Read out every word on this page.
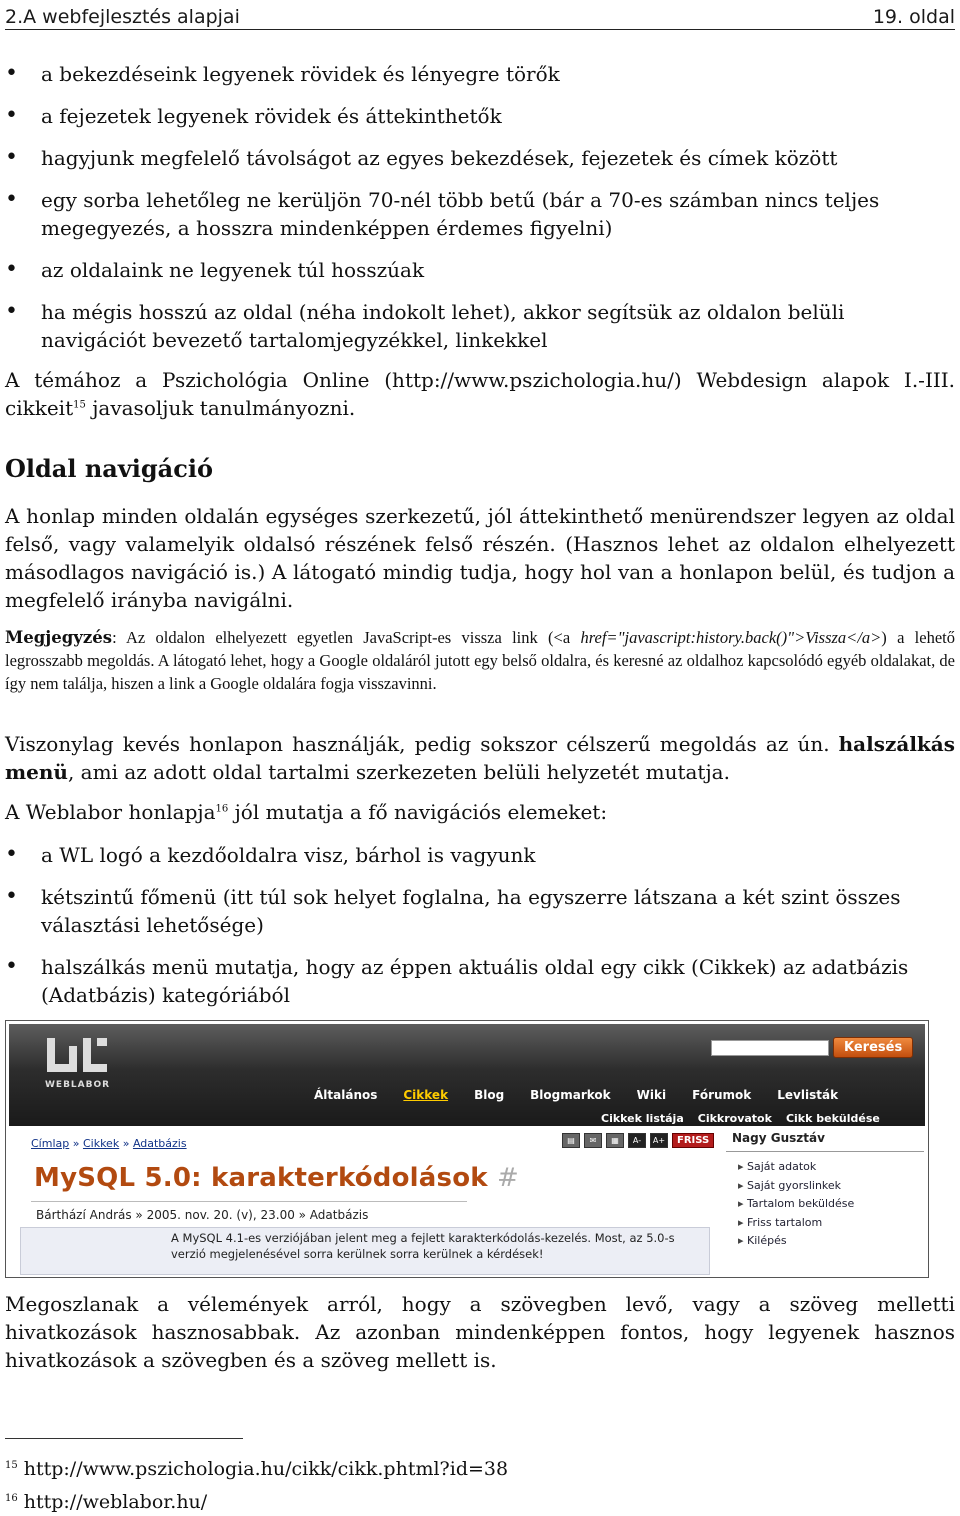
2.A webfejlesztés alapjai	19. oldal
• a bekezdéseink legyenek rövidek és lényegre törők
• a fejezetek legyenek rövidek és áttekinthetők
• hagyjunk megfelelő távolságot az egyes bekezdések, fejezetek és címek között
• egy sorba lehetőleg ne kerüljön 70-nél több betű (bár a 70-es számban nincs teljes megegyezés, a hosszra mindenképpen érdemes figyelni)
• az oldalaink ne legyenek túl hosszúak
• ha mégis hosszú az oldal (néha indokolt lehet), akkor segítsük az oldalon belüli navigációt bevezető tartalomjegyzékkel, linkekkel

A témához a Pszichológia Online (http://www.pszichologia.hu/) Webdesign alapok I.-III. cikkeit$^{15}$ javasoljuk tanulmányozni.

Oldal navigáció

A honlap minden oldalán egységes szerkezetű, jól áttekinthető menürendszer legyen az oldal felső, vagy valamelyik oldalsó részének felső részén. (Hasznos lehet az oldalon elhelyezett másodlagos navigáció is.) A látogató mindig tudja, hogy hol van a honlapon belül, és tudjon a megfelelő irányba navigálni.

Megjegyzés: Az oldalon elhelyezett egyetlen JavaScript-es vissza link (<a href="javascript:history.back()">Vissza</a>) a lehető legrosszabb megoldás. A látogató lehet, hogy a Google oldaláról jutott egy belső oldalra, és keresné az oldalhoz kapcsolódó egyéb oldalakat, de így nem találja, hiszen a link a Google oldalára fogja visszavinni.

Viszonylag kevés honlapon használják, pedig sokszor célszerű megoldás az ún. halszálkás menü, ami az adott oldal tartalmi szerkezeten belüli helyzetét mutatja.

A Weblabor honlapja$^{16}$ jól mutatja a fő navigációs elemeket:

• a WL logó a kezdőoldalra visz, bárhol is vagyunk
• kétszintű főmenü (itt túl sok helyet foglalna, ha egyszerre látszana a két szint összes választási lehetősége)
• halszálkás menü mutatja, hogy az éppen aktuális oldal egy cikk (Cikkek) az adatbázis (Adatbázis) kategóriából
WEBLABOR
Keresés
Általános	Cikkek	Blog	Blogmarkok	Wiki	Fórumok	Levlisták
Cikkek listája	Cikkrovatok	Cikk beküldése
Címlap » Cikkek » Adatbázis	▤	✉	▦	A-	A+	FRISS
MySQL 5.0: karakterkódolások #
Bárthází András » 2005. nov. 20. (v), 23.00 » Adatbázis
A MySQL 4.1-es verziójában jelent meg a fejlett karakterkódolás-kezelés. Most, az 5.0-s verzió megjelenésével sorra kerülnek sorra kerülnek a kérdések!
Nagy Gusztáv
▸ Saját adatok
▸ Saját gyorslinkek
▸ Tartalom beküldése
▸ Friss tartalom
▸ Kilépés

Megoszlanak a vélemények arról, hogy a szövegben levő, vagy a szöveg melletti hivatkozások hasznosabbak. Az azonban mindenképpen fontos, hogy legyenek hasznos hivatkozások a szövegben és a szöveg mellett is.

$^{15}$ http://www.pszichologia.hu/cikk/cikk.phtml?id=38
$^{16}$ http://weblabor.hu/
